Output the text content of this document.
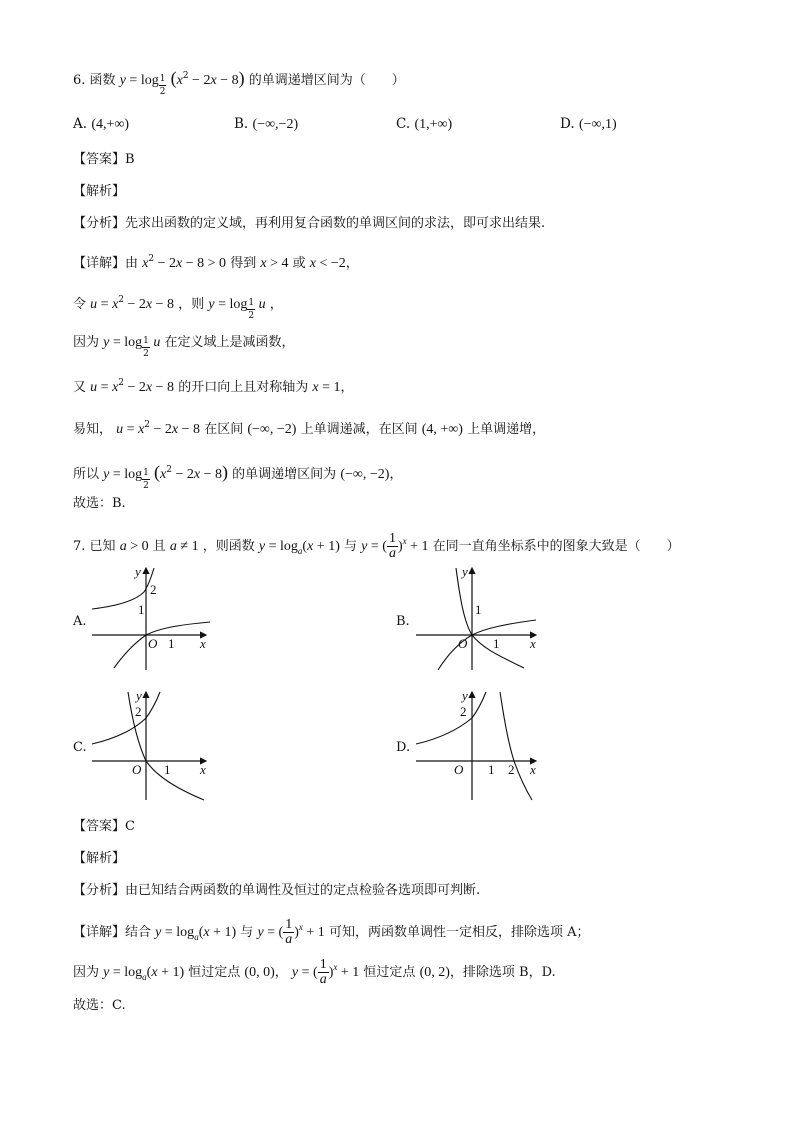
6. 函数 y = log $_{\frac{1}{2}}$ $(x^2 - 2x - 8)$ 的单调递增区间为（　　）
A. (4,+∞)	B. (−∞,−2)	C. (1,+∞)	D. (−∞,1)
【答案】B
【解析】
【分析】先求出函数的定义域，再利用复合函数的单调区间的求法，即可求出结果.
【详解】由 $x^2 - 2x - 8 > 0$ 得到 x > 4 或 x < −2，
令 $u = x^2 - 2x - 8$ ，则 y = log $_{\frac{1}{2}}$ u ，
因为 y = log $_{\frac{1}{2}}$ u 在定义域上是减函数，
又 $u = x^2 - 2x - 8$ 的开口向上且对称轴为 x = 1，
易知， $u = x^2 - 2x - 8$ 在区间 (−∞, −2) 上单调递减，在区间 (4, +∞) 上单调递增，
所以 y = log $_{\frac{1}{2}}$ $(x^2 - 2x - 8)$ 的单调递增区间为 (−∞, −2)，
故选：B.
7. 已知 a > 0 且 a ≠ 1 ，则函数 $y = \log_a(x + 1)$ 与 y = ( $\frac{1}{a} )^x + 1$ 在同一直角坐标系中的图象大致是（　　）
A.	B.
C.	D.
y
2
1
O 1 x
y
1
O 1 x
y
2
O 1 x
y
2
O 1 2 x
【答案】C
【解析】
【分析】由已知结合两函数的单调性及恒过的定点检验各选项即可判断.
【详解】结合 $y = \log_a(x + 1)$ 与 y = ( $\frac{1}{a} )^x + 1$ 可知，两函数单调性一定相反，排除选项 A；
因为 $y = \log_a(x + 1)$ 恒过定点 (0, 0)， y = ( $\frac{1}{a} )^x + 1$ 恒过定点 (0, 2)，排除选项 B，D.
故选：C.
